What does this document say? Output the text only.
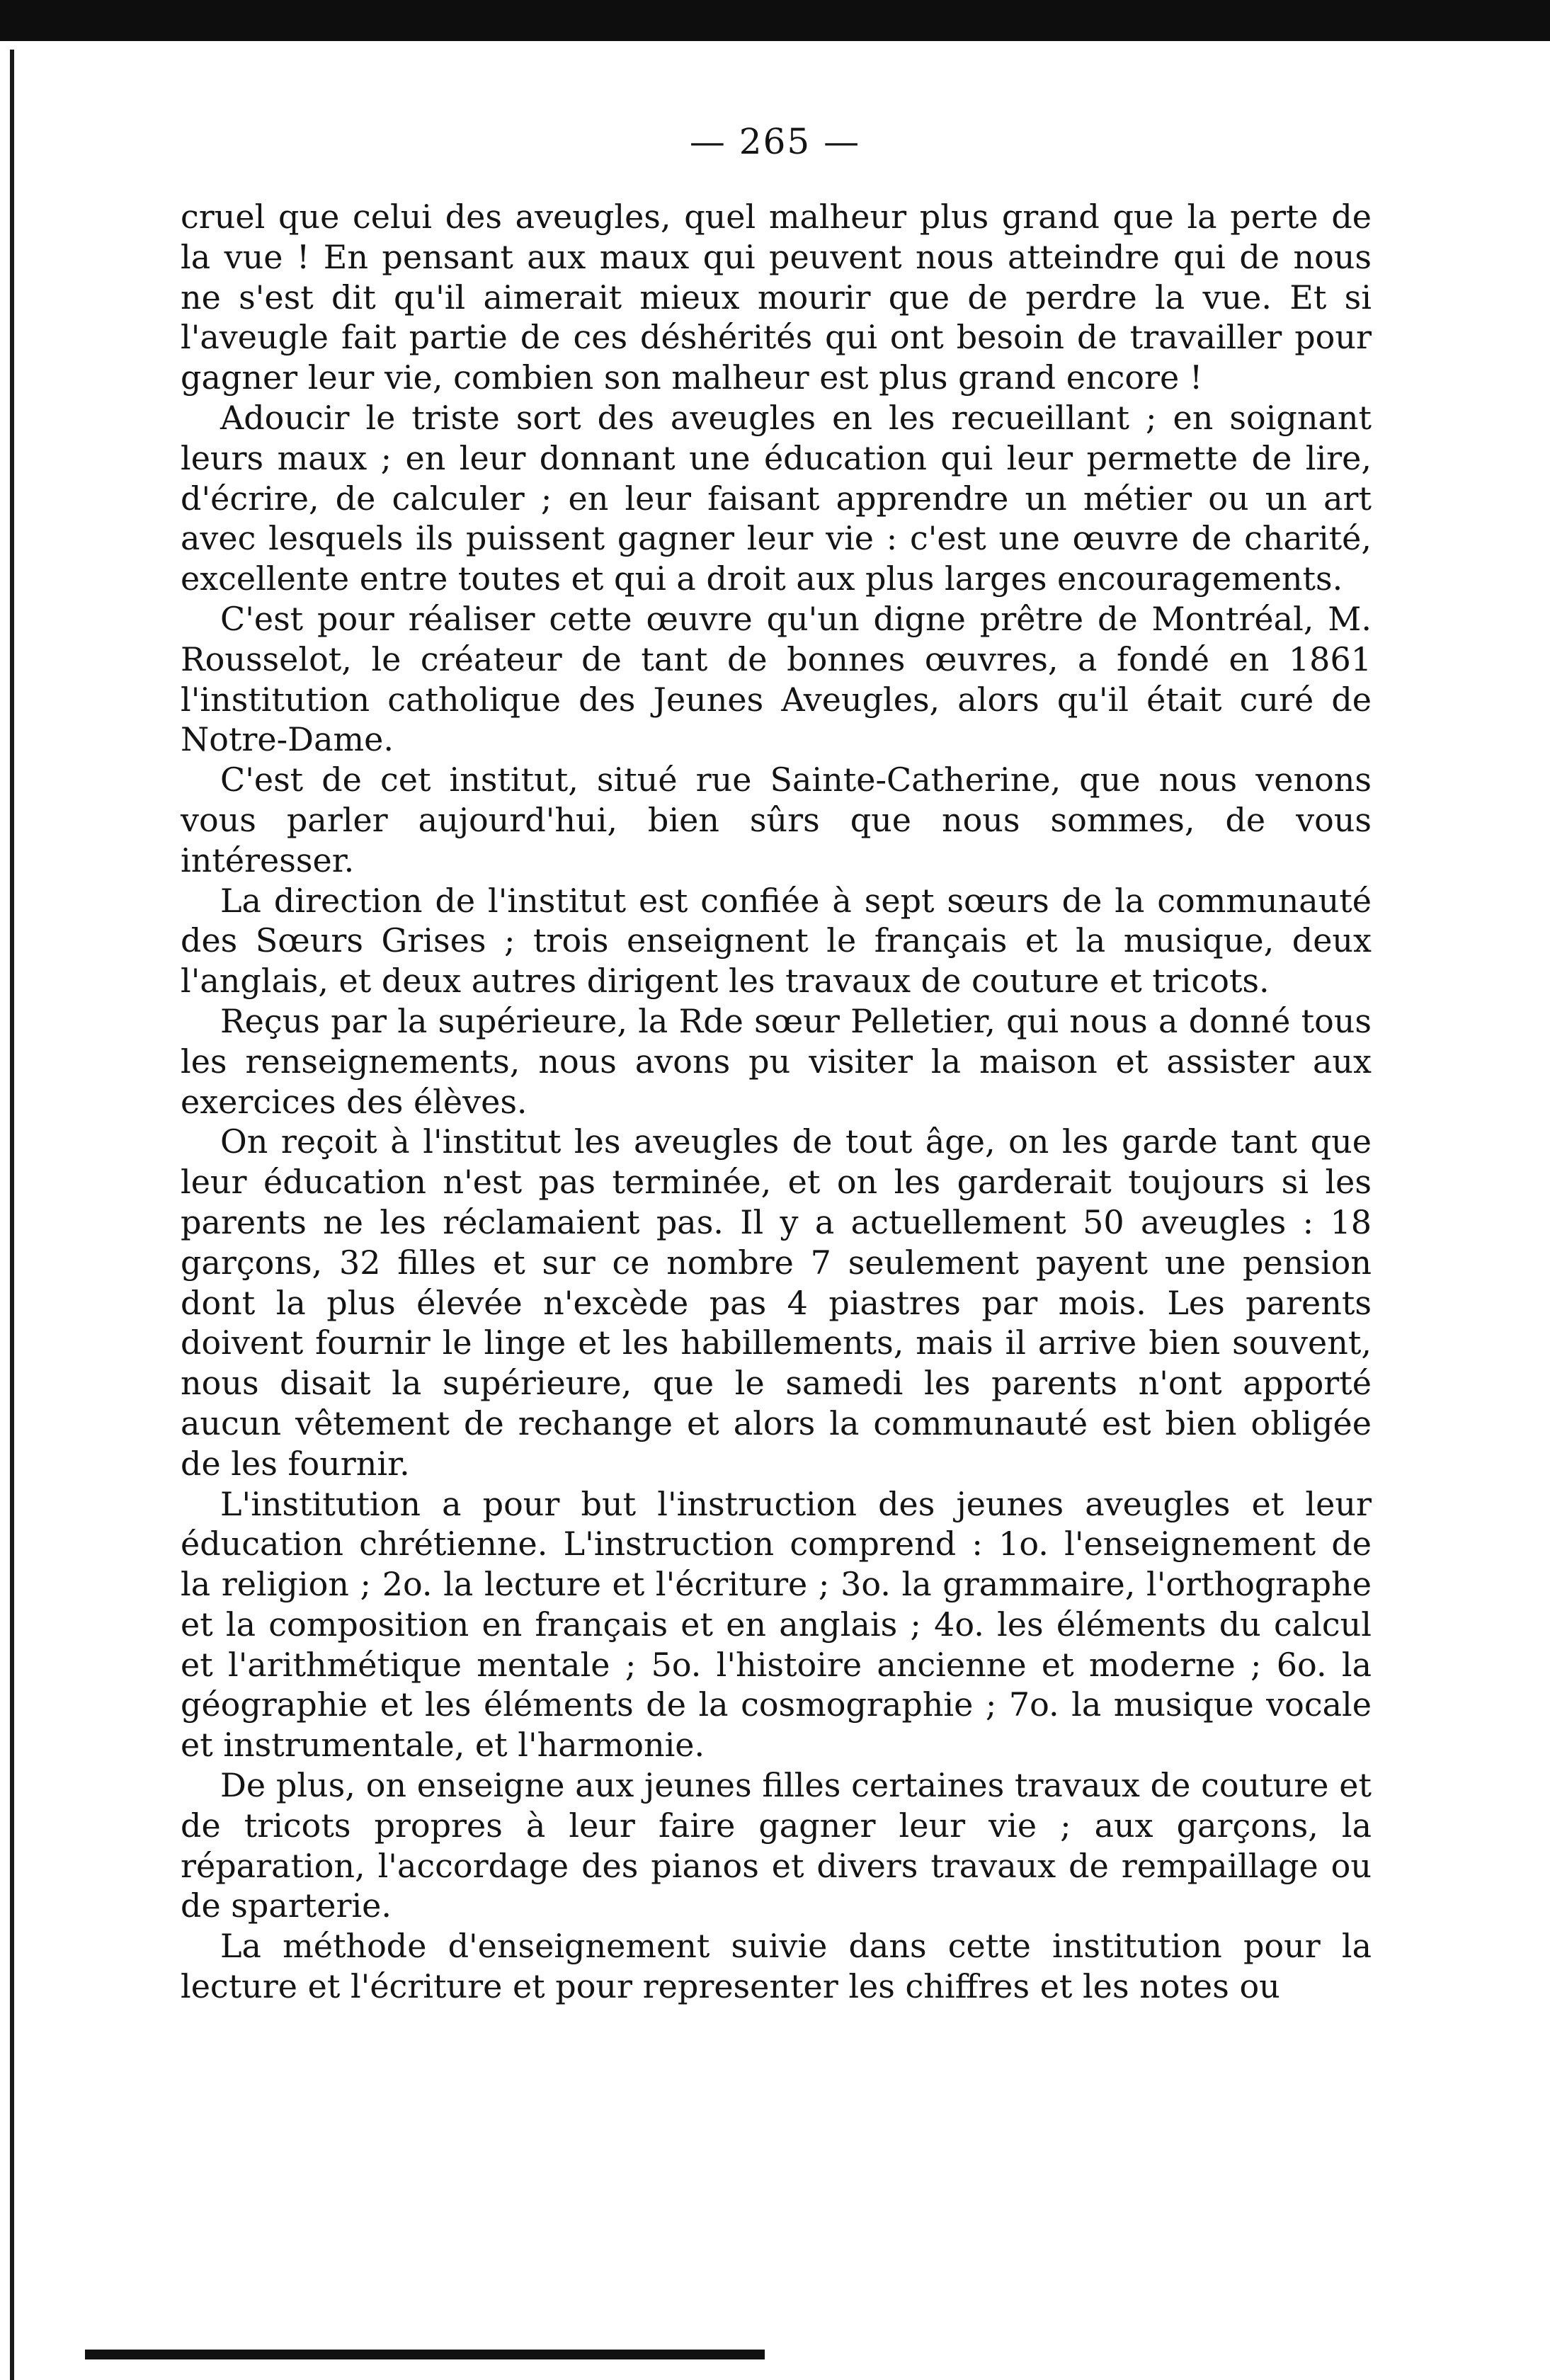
— 265 —

cruel que celui des aveugles, quel malheur plus grand que la perte de la vue ! En pensant aux maux qui peuvent nous atteindre qui de nous ne s'est dit qu'il aimerait mieux mourir que de perdre la vue. Et si l'aveugle fait partie de ces déshérités qui ont besoin de travailler pour gagner leur vie, combien son malheur est plus grand encore !

Adoucir le triste sort des aveugles en les recueillant ; en soignant leurs maux ; en leur donnant une éducation qui leur permette de lire, d'écrire, de calculer ; en leur faisant apprendre un métier ou un art avec lesquels ils puissent gagner leur vie : c'est une œuvre de charité, excellente entre toutes et qui a droit aux plus larges encouragements.

C'est pour réaliser cette œuvre qu'un digne prêtre de Montréal, M. Rousselot, le créateur de tant de bonnes œuvres, a fondé en 1861 l'institution catholique des Jeunes Aveugles, alors qu'il était curé de Notre-Dame.

C'est de cet institut, situé rue Sainte-Catherine, que nous venons vous parler aujourd'hui, bien sûrs que nous sommes, de vous intéresser.

La direction de l'institut est confiée à sept sœurs de la communauté des Sœurs Grises ; trois enseignent le français et la musique, deux l'anglais, et deux autres dirigent les travaux de couture et tricots.

Reçus par la supérieure, la Rde sœur Pelletier, qui nous a donné tous les renseignements, nous avons pu visiter la maison et assister aux exercices des élèves.

On reçoit à l'institut les aveugles de tout âge, on les garde tant que leur éducation n'est pas terminée, et on les garderait toujours si les parents ne les réclamaient pas. Il y a actuellement 50 aveugles : 18 garçons, 32 filles et sur ce nombre 7 seulement payent une pension dont la plus élevée n'excède pas 4 piastres par mois. Les parents doivent fournir le linge et les habillements, mais il arrive bien souvent, nous disait la supérieure, que le samedi les parents n'ont apporté aucun vêtement de rechange et alors la communauté est bien obligée de les fournir.

L'institution a pour but l'instruction des jeunes aveugles et leur éducation chrétienne. L'instruction comprend : 1o. l'enseignement de la religion ; 2o. la lecture et l'écriture ; 3o. la grammaire, l'orthographe et la composition en français et en anglais ; 4o. les éléments du calcul et l'arithmétique mentale ; 5o. l'histoire ancienne et moderne ; 6o. la géographie et les éléments de la cosmographie ; 7o. la musique vocale et instrumentale, et l'harmonie.

De plus, on enseigne aux jeunes filles certaines travaux de couture et de tricots propres à leur faire gagner leur vie ; aux garçons, la réparation, l'accordage des pianos et divers travaux de rempaillage ou de sparterie.

La méthode d'enseignement suivie dans cette institution pour la lecture et l'écriture et pour representer les chiffres et les notes ou
